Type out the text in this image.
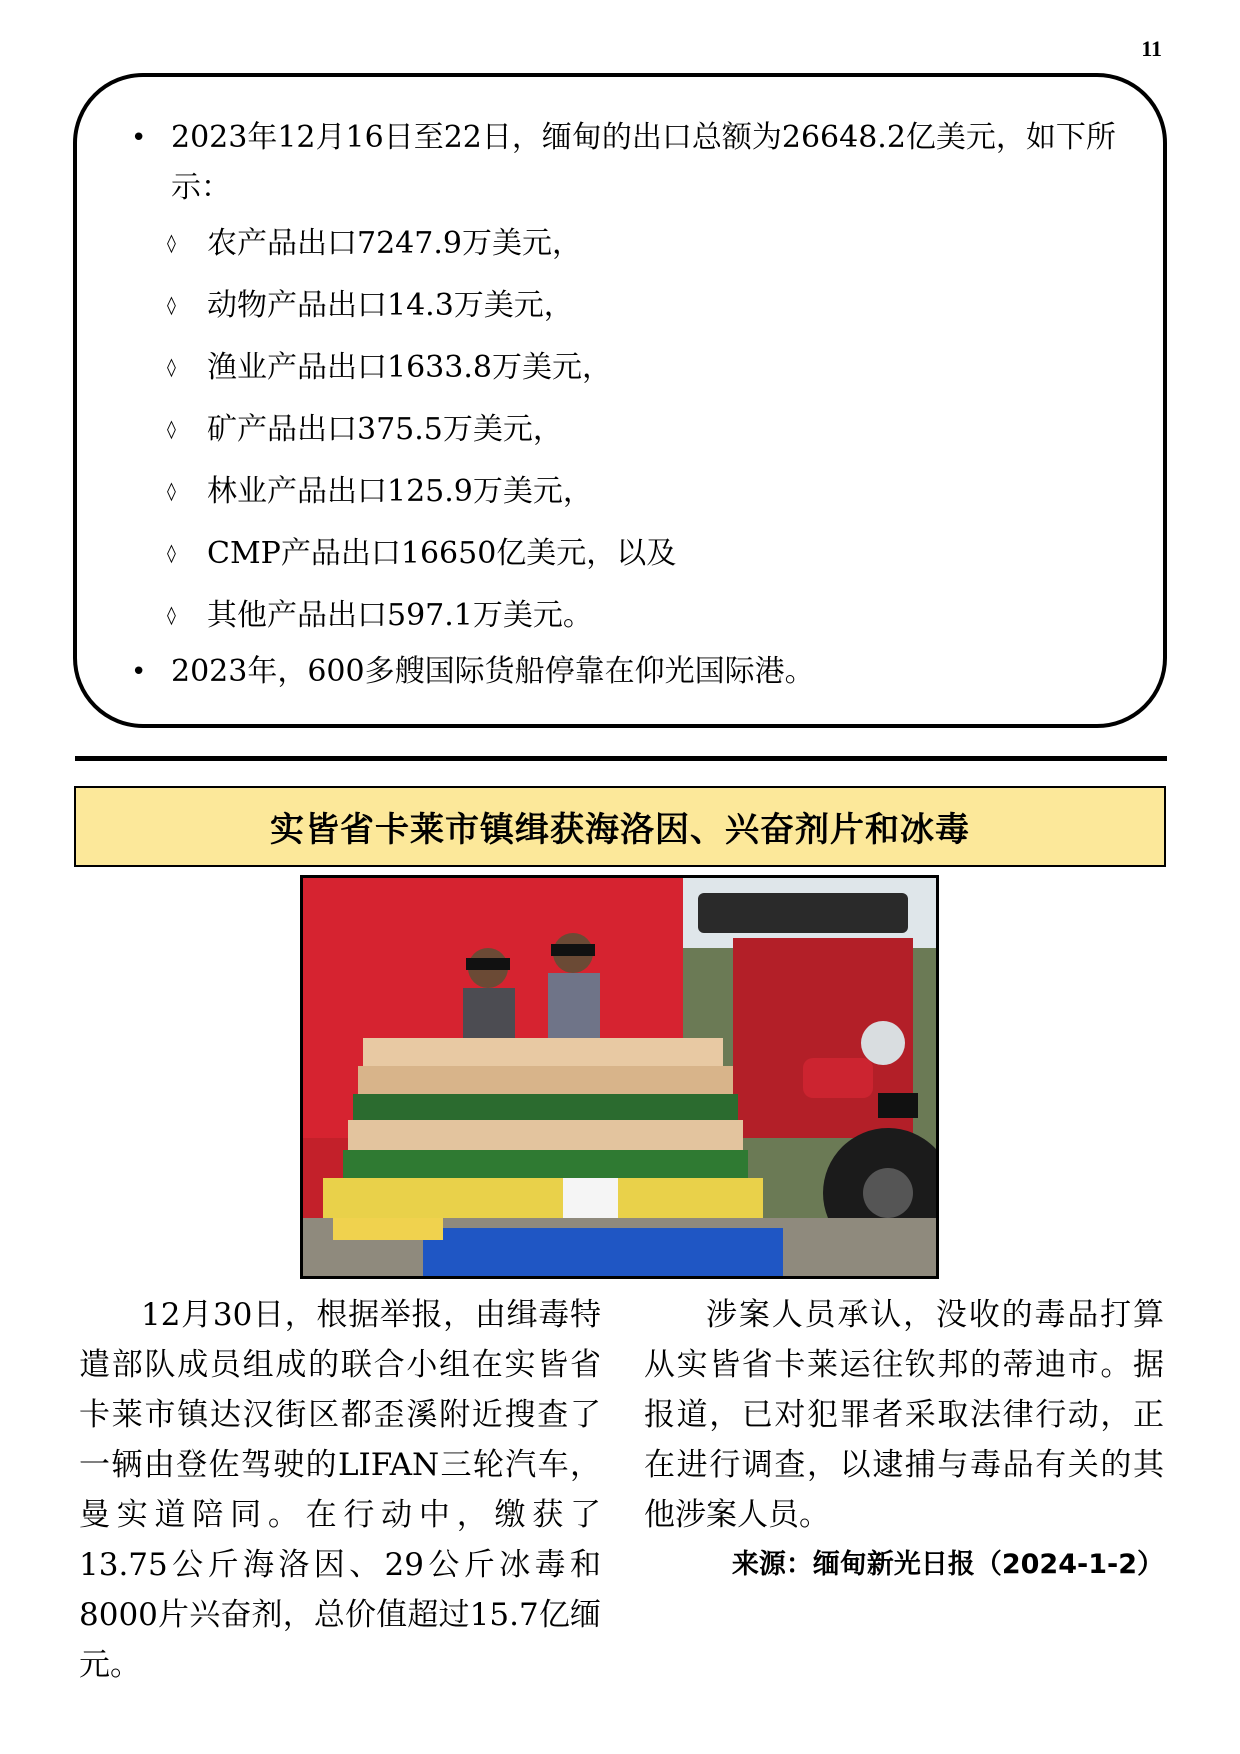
11
• 2023年12月16日至22日，缅甸的出口总额为26648.2亿美元，如下所示：
◊ 农产品出口7247.9万美元，
◊ 动物产品出口14.3万美元，
◊ 渔业产品出口1633.8万美元，
◊ 矿产品出口375.5万美元，
◊ 林业产品出口125.9万美元，
◊ CMP产品出口16650亿美元，以及
◊ 其他产品出口597.1万美元。
• 2023年，600多艘国际货船停靠在仰光国际港。
实皆省卡莱市镇缉获海洛因、兴奋剂片和冰毒

12月30日，根据举报，由缉毒特遣部队成员组成的联合小组在实皆省卡莱市镇达汉街区都歪溪附近搜查了一辆由登佐驾驶的LIFAN三轮汽车，曼实道陪同。在行动中，缴获了13.75公斤海洛因、29公斤冰毒和8000片兴奋剂，总价值超过15.7亿缅元。

涉案人员承认，没收的毒品打算从实皆省卡莱运往钦邦的蒂迪市。据报道，已对犯罪者采取法律行动，正在进行调查，以逮捕与毒品有关的其他涉案人员。

来源：缅甸新光日报（2024-1-2）
